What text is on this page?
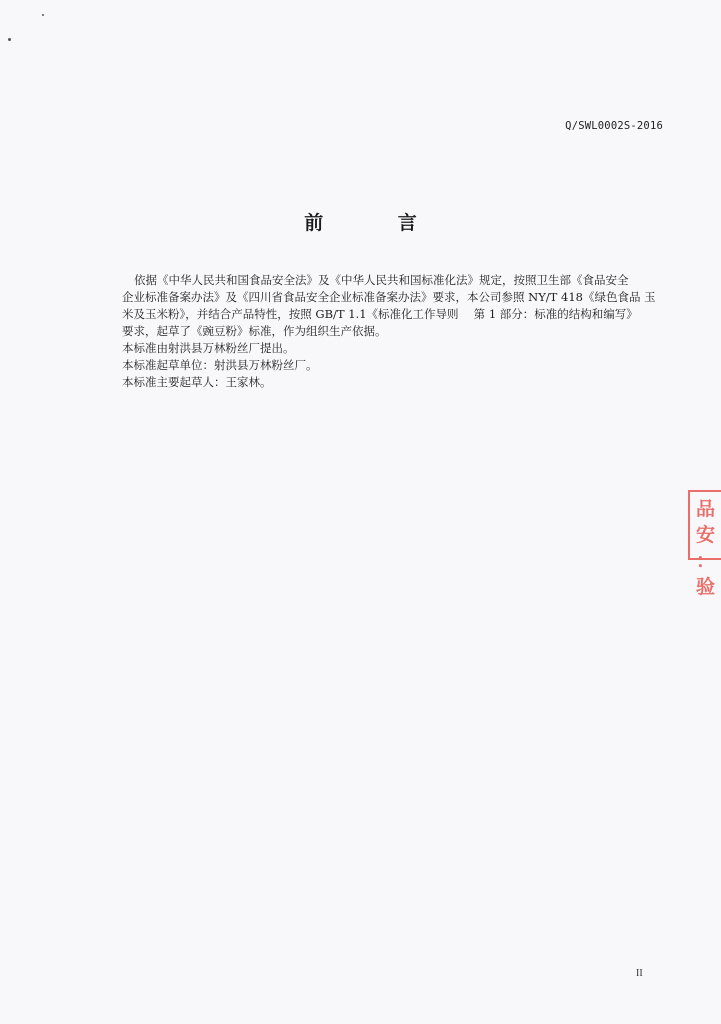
Q/SWL0002S-2016
前 言
依据《中华人民共和国食品安全法》及《中华人民共和国标准化法》规定，按照卫生部《食品安全
企业标准备案办法》及《四川省食品安全企业标准备案办法》要求，本公司参照 NY/T 418《绿色食品 玉
米及玉米粉》，并结合产品特性，按照 GB/T 1.1《标准化工作导则　 第 1 部分：标准的结构和编写》
要求，起草了《豌豆粉》标准，作为组织生产依据。
本标准由射洪县万林粉丝厂提出。
本标准起草单位：射洪县万林粉丝厂。
本标准主要起草人：王家林。
品安
：验
II
